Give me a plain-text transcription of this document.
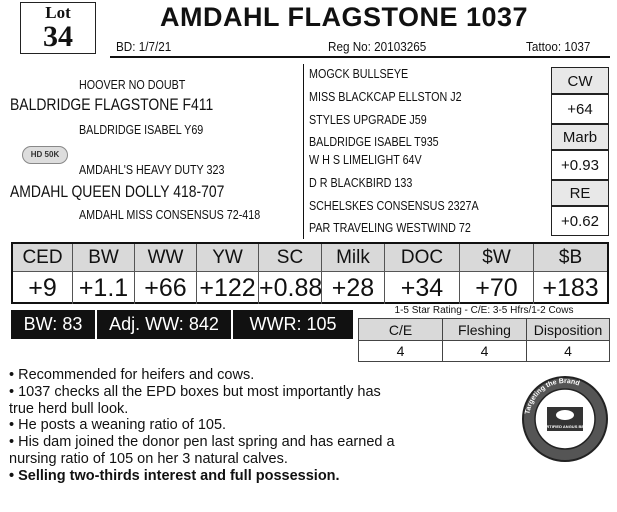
Lot
34
AMDAHL FLAGSTONE 1037
BD: 1/7/21	Reg No: 20103265	Tattoo: 1037
HOOVER NO DOUBT
BALDRIDGE FLAGSTONE F411
BALDRIDGE ISABEL Y69
HD 50K
AMDAHL'S HEAVY DUTY 323
AMDAHL QUEEN DOLLY 418-707
AMDAHL MISS CONSENSUS 72-418
MOGCK BULLSEYE
MISS BLACKCAP ELLSTON J2
STYLES UPGRADE J59
BALDRIDGE ISABEL T935
W H S LIMELIGHT 64V
D R BLACKBIRD 133
SCHELSKES CONSENSUS 2327A
PAR TRAVELING WESTWIND 72
CW
+64
Marb
+0.93
RE
+0.62
CED	BW	WW	YW	SC	Milk	DOC	$W	$B
+9 +1.1 +66 +122 +0.88 +28	+34	+70 +183
BW: 83	Adj. WW: 842	WWR: 105
1-5 Star Rating - C/E: 3-5 Hfrs/1-2 Cows
C/E	Fleshing	Disposition
4	4	4
• Recommended for heifers and cows.
• 1037 checks all the EPD boxes but most importantly has
true herd bull look.
• He posts a weaning ratio of 105.
• His dam joined the donor pen last spring and has earned a
nursing ratio of 105 on her 3 natural calves.
• Selling two-thirds interest and full possession.
Targeting the Brand
CERTIFIED ANGUS BEEF
